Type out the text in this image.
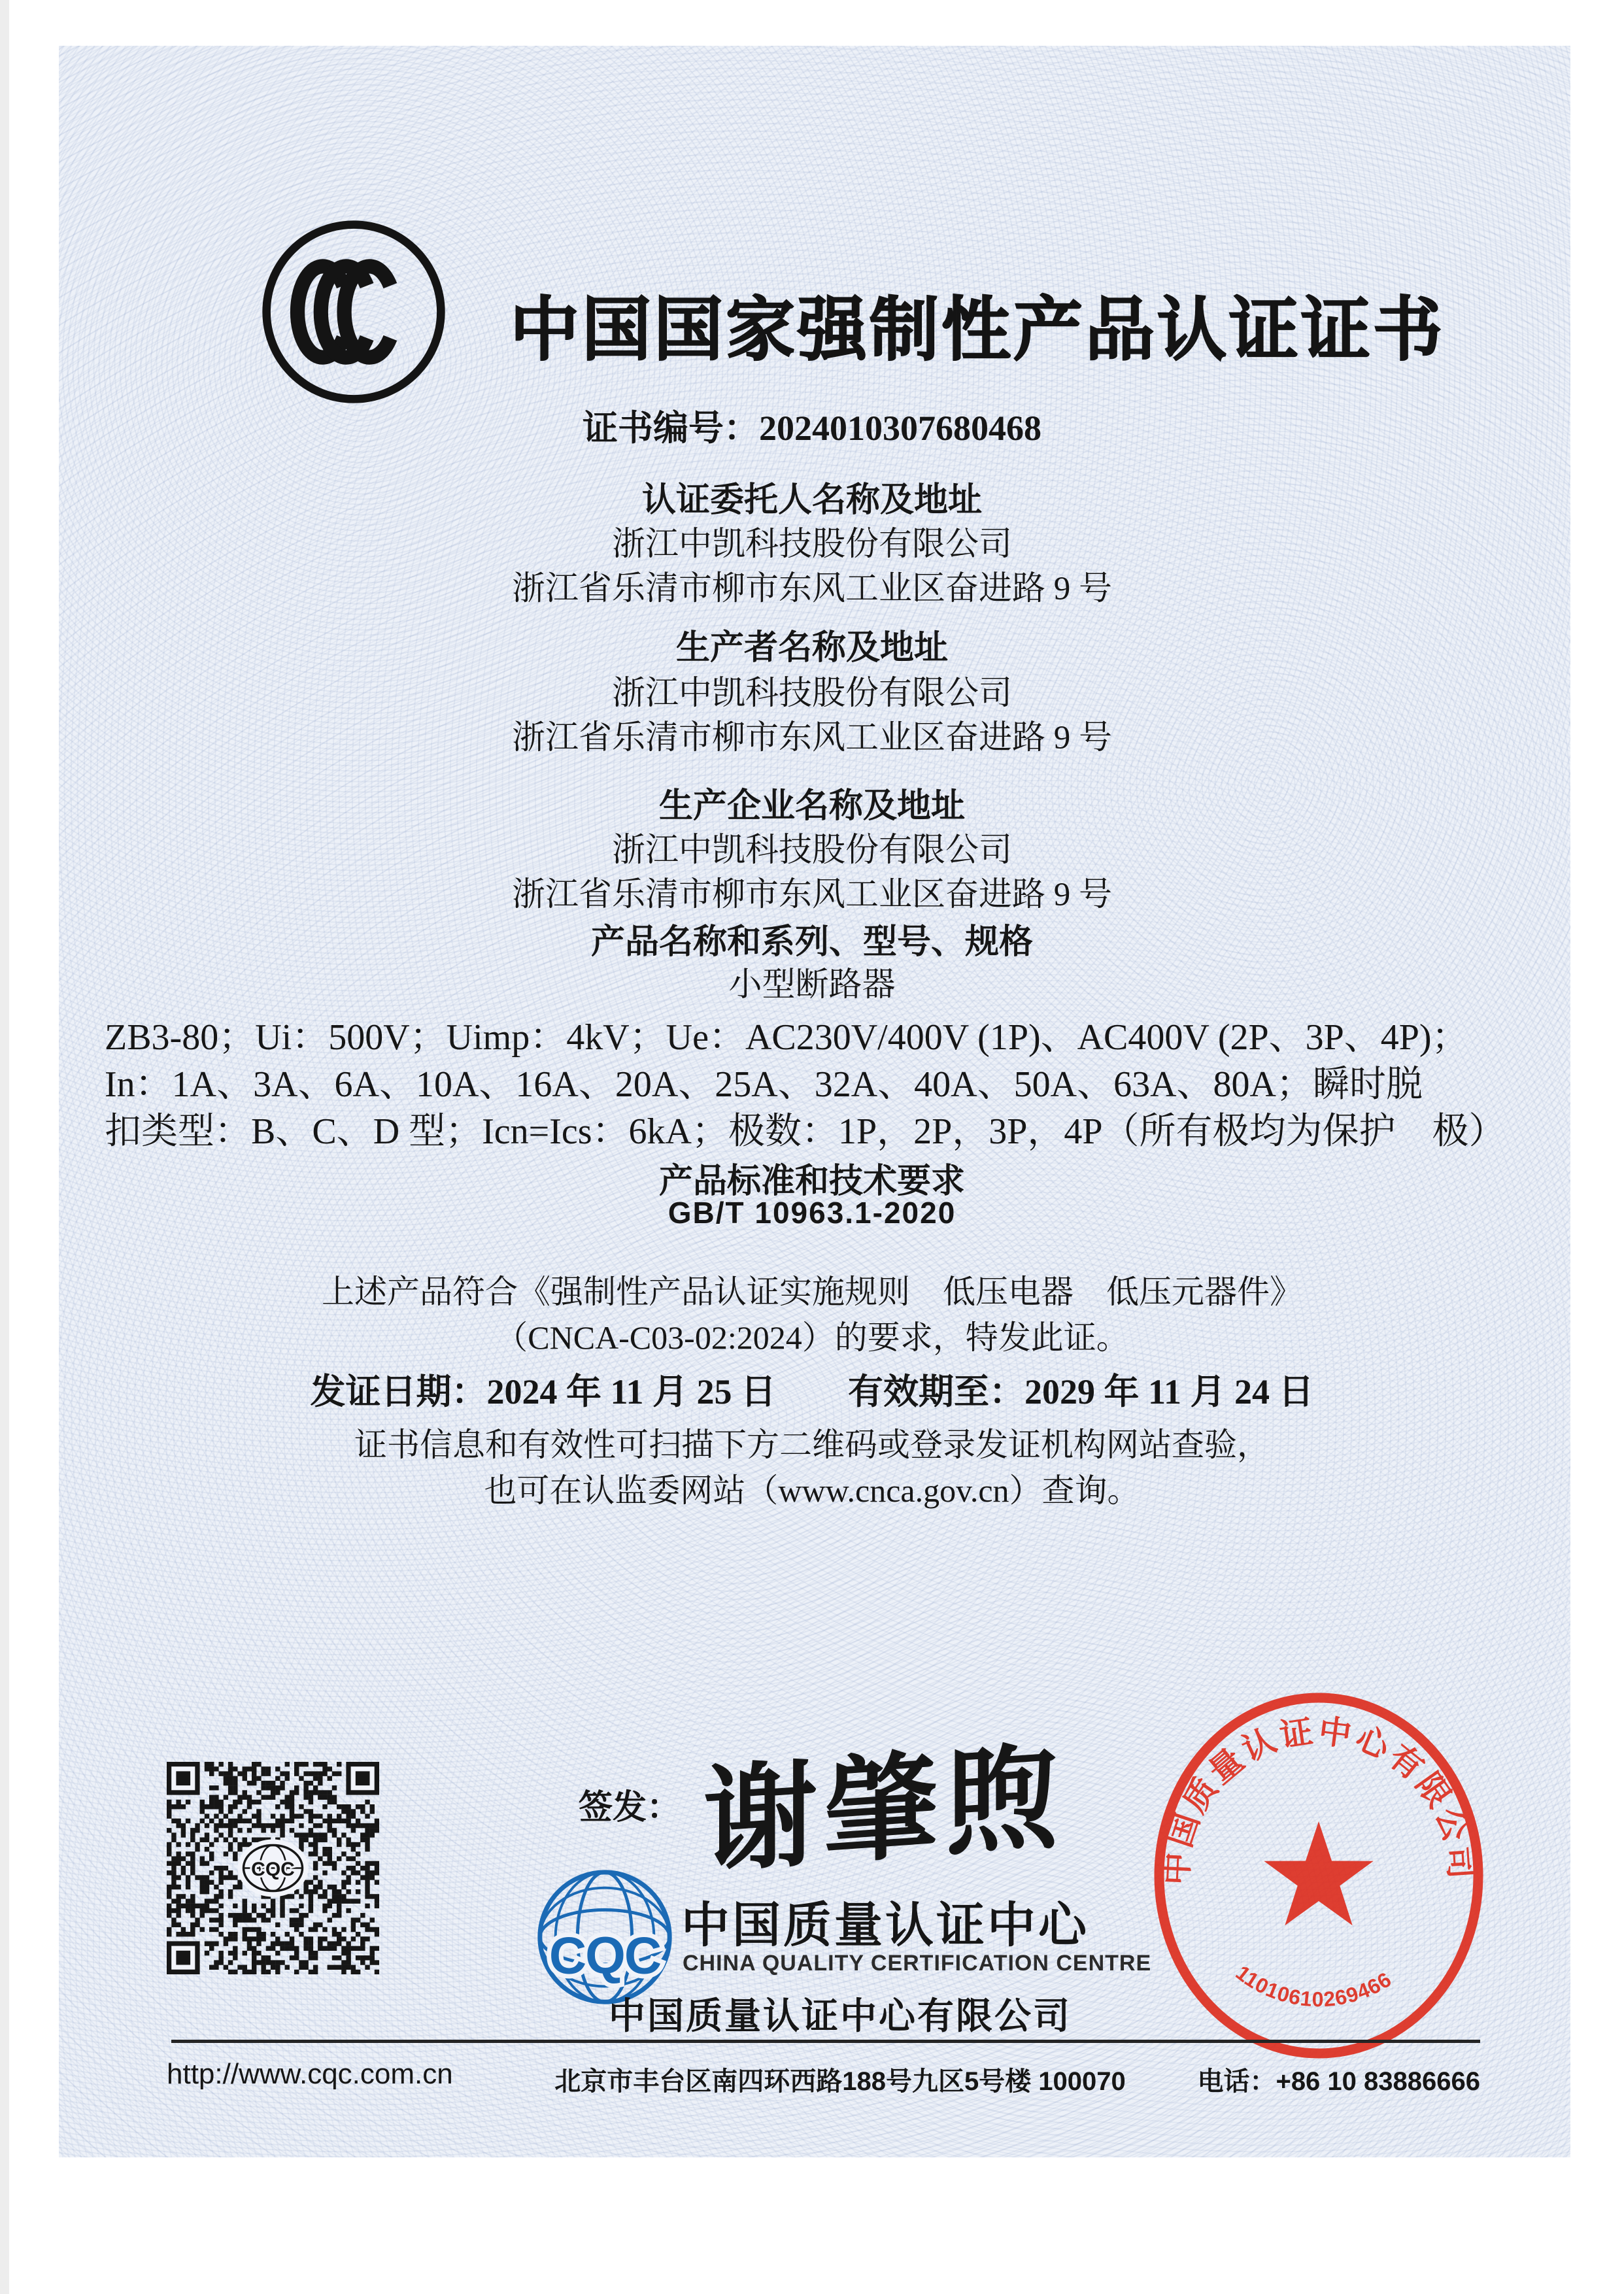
中国国家强制性产品认证证书
证书编号：2024010307680468
认证委托人名称及地址
浙江中凯科技股份有限公司
浙江省乐清市柳市东风工业区奋进路 9 号
生产者名称及地址
浙江中凯科技股份有限公司
浙江省乐清市柳市东风工业区奋进路 9 号
生产企业名称及地址
浙江中凯科技股份有限公司
浙江省乐清市柳市东风工业区奋进路 9 号
产品名称和系列、型号、规格
小型断路器
ZB3-80；Ui：500V；Uimp：4kV；Ue：AC230V/400V (1P)、AC400V (2P、3P、4P)；
In：1A、3A、6A、10A、16A、20A、25A、32A、40A、50A、63A、80A；瞬时脱
扣类型：B、C、D 型；Icn=Ics：6kA；极数：1P，2P，3P，4P（所有极均为保护　极）
产品标准和技术要求
GB/T 10963.1-2020
上述产品符合《强制性产品认证实施规则　低压电器　低压元器件》
（CNCA-C03-02:2024）的要求，特发此证。
发证日期：2024 年 11 月 25 日 有效期至：2029 年 11 月 24 日
证书信息和有效性可扫描下方二维码或登录发证机构网站查验，
也可在认监委网站（www.cnca.gov.cn）查询。
CQC
签发： 谢肇煦
CQC
中国质量认证中心
CHINA QUALITY CERTIFICATION CENTRE
中国质量认证中心有限公司
中国质量认证中心有限公司
11010610269466
http://www.cqc.com.cn	北京市丰台区南四环西路188号九区5号楼 100070	电话：+86 10 83886666
